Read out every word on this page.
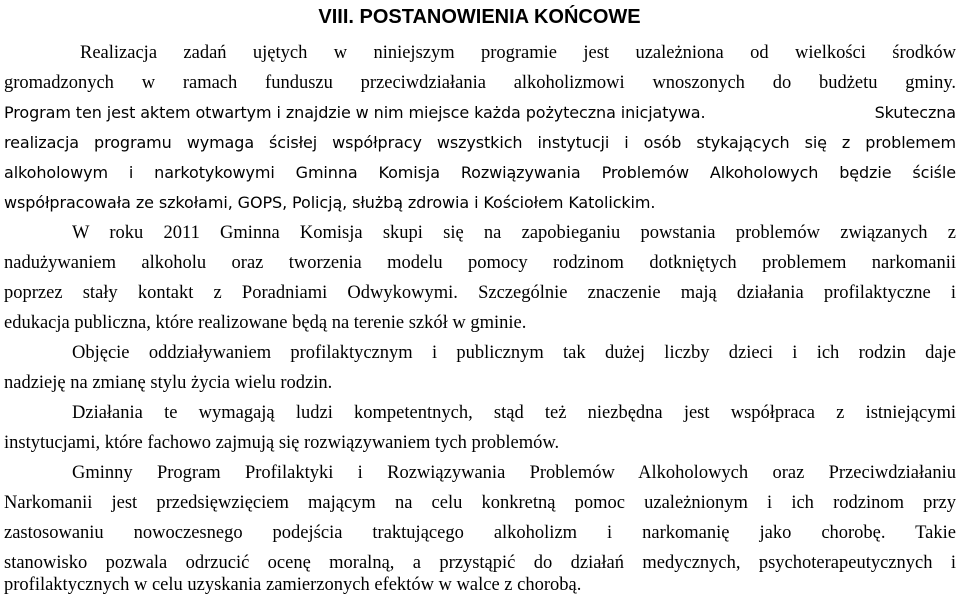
VIII. POSTANOWIENIA KOŃCOWE

Realizacja zadań ujętych w niniejszym programie jest uzależniona od wielkości środków

gromadzonych w ramach funduszu przeciwdziałania alkoholizmowi wnoszonych do budżetu gminy.

Program ten jest aktem otwartym i znajdzie w nim miejsce każda pożyteczna inicjatywa.	Skuteczna

realizacja programu wymaga ścisłej współpracy wszystkich instytucji i osób stykających się z problemem

alkoholowym i narkotykowymi Gminna Komisja Rozwiązywania Problemów Alkoholowych będzie ściśle

współpracowała ze szkołami, GOPS, Policją, służbą zdrowia i Kościołem Katolickim.

W roku 2011 Gminna Komisja skupi się na zapobieganiu powstania problemów związanych z

nadużywaniem alkoholu oraz tworzenia modelu pomocy rodzinom dotkniętych problemem narkomanii

poprzez stały kontakt z Poradniami Odwykowymi. Szczególnie znaczenie mają działania profilaktyczne i

edukacja publiczna, które realizowane będą na terenie szkół w gminie.

Objęcie oddziaływaniem profilaktycznym i publicznym tak dużej liczby dzieci i ich rodzin daje

nadzieję na zmianę stylu życia wielu rodzin.

Działania te wymagają ludzi kompetentnych, stąd też niezbędna jest współpraca z istniejącymi

instytucjami, które fachowo zajmują się rozwiązywaniem tych problemów.

Gminny Program Profilaktyki i Rozwiązywania Problemów Alkoholowych oraz Przeciwdziałaniu

Narkomanii jest przedsięwzięciem mającym na celu konkretną pomoc uzależnionym i ich rodzinom przy

zastosowaniu nowoczesnego podejścia traktującego alkoholizm i narkomanię jako chorobę. Takie

stanowisko pozwala odrzucić ocenę moralną, a przystąpić do działań medycznych, psychoterapeutycznych i

profilaktycznych w celu uzyskania zamierzonych efektów w walce z chorobą.
